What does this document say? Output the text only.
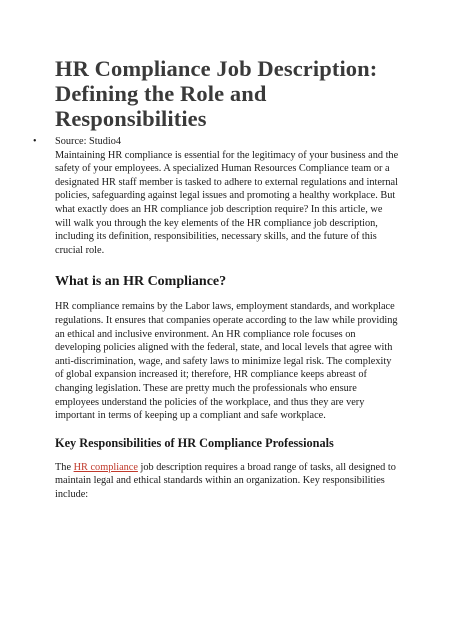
HR Compliance Job Description: Defining the Role and Responsibilities
• Source: Studio4

Maintaining HR compliance is essential for the legitimacy of your business and the safety of your employees. A specialized Human Resources Compliance team or a designated HR staff member is tasked to adhere to external regulations and internal policies, safeguarding against legal issues and promoting a healthy workplace. But what exactly does an HR compliance job description require? In this article, we will walk you through the key elements of the HR compliance job description, including its definition, responsibilities, necessary skills, and the future of this crucial role.

What is an HR Compliance?

HR compliance remains by the Labor laws, employment standards, and workplace regulations. It ensures that companies operate according to the law while providing an ethical and inclusive environment. An HR compliance role focuses on developing policies aligned with the federal, state, and local levels that agree with anti-discrimination, wage, and safety laws to minimize legal risk. The complexity of global expansion increased it; therefore, HR compliance keeps abreast of changing legislation. These are pretty much the professionals who ensure employees understand the policies of the workplace, and thus they are very important in terms of keeping up a compliant and safe workplace.

Key Responsibilities of HR Compliance Professionals

The HR compliance job description requires a broad range of tasks, all designed to maintain legal and ethical standards within an organization. Key responsibilities include:
